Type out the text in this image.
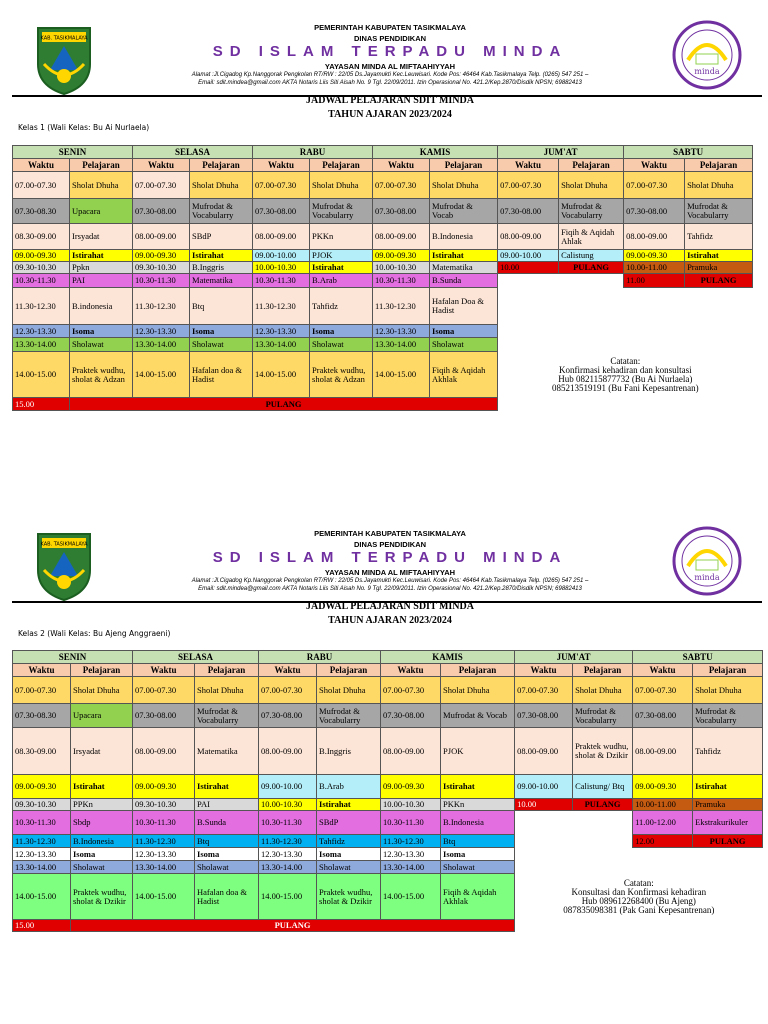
KAB. TASIKMALAYA
PEMERINTAH KABUPATEN TASIKMALAYA
DINAS PENDIDIKAN
SD ISLAM TERPADU MINDA
YAYASAN MINDA AL MIFTAAHIYYAH
Alamat :Jl.Cigadog Kp.Nanggorak Pengkolan RT/RW : 22/05 Ds.Jayamukti Kec.Leuwisari. Kode Pos: 46464 Kab.Tasikmalaya Telp. (0265) 547 251 –
Email: sdit.mindea@gmail.com AKTA Notaris Liis Siti Aisah No. 9 Tgl. 22/09/2011. Izin Operasional No. 421.2/Kep.2870/Disdik NPSN; 69882413
minda
JADWAL PELAJARAN SDIT MINDA
TAHUN AJARAN 2023/2024
Kelas 1 (Wali Kelas: Bu Ai Nurlaela)
SENIN		SELASA		RABU		KAMIS		JUM'AT		SABTU	
Waktu	Pelajaran	Waktu	Pelajaran	Waktu	Pelajaran	Waktu	Pelajaran	Waktu	Pelajaran	Waktu	Pelajaran
07.00-07.30	Sholat Dhuha	07.00-07.30	Sholat Dhuha	07.00-07.30	Sholat Dhuha	07.00-07.30	Sholat Dhuha	07.00-07.30	Sholat Dhuha	07.00-07.30	Sholat Dhuha
07.30-08.30	Upacara	07.30-08.00	Mufrodat & Vocabularry	07.30-08.00	Mufrodat & Vocabularry	07.30-08.00	Mufrodat & Vocab	07.30-08.00	Mufrodat & Vocabularry	07.30-08.00	Mufrodat & Vocabularry
08.30-09.00	Irsyadat	08.00-09.00	SBdP	08.00-09.00	PKKn	08.00-09.00	B.Indonesia	08.00-09.00	Fiqih & Aqidah Ahlak	08.00-09.00	Tahfidz
09.00-09.30	Istirahat	09.00-09.30	Istirahat	09.00-10.00	PJOK	09.00-09.30	Istirahat	09.00-10.00	Calistung	09.00-09.30	Istirahat
09.30-10.30	Ppkn	09.30-10.30	B.Inggris	10.00-10.30	Istirahat	10.00-10.30	Matematika	10.00	PULANG	10.00-11.00	Pramuka
10.30-11.30	PAI	10.30-11.30	Matematika	10.30-11.30	B.Arab	10.30-11.30	B.Sunda			11.00	PULANG
11.30-12.30	B.indonesia	11.30-12.30	Btq	11.30-12.30	Tahfidz	11.30-12.30	Hafalan Doa & Hadist				
12.30-13.30	Isoma	12.30-13.30	Isoma	12.30-13.30	Isoma	12.30-13.30	Isoma				
13.30-14.00	Sholawat	13.30-14.00	Sholawat	13.30-14.00	Sholawat	13.30-14.00	Sholawat				
14.00-15.00	Praktek wudhu, sholat & Adzan	14.00-15.00	Hafalan doa & Hadist	14.00-15.00	Praktek wudhu, sholat & Adzan	14.00-15.00	Fiqih & Aqidah Akhlak	Catatan:
Konfirmasi kehadiran dan konsultasi
Hub 082115877732 (Bu Ai Nurlaela)
085213519191 (Bu Fani Kepesantrenan)			

15.00	PULANG										
KAB. TASIKMALAYA
PEMERINTAH KABUPATEN TASIKMALAYA
DINAS PENDIDIKAN
SD ISLAM TERPADU MINDA
YAYASAN MINDA AL MIFTAAHIYYAH
Alamat :Jl.Cigadog Kp.Nanggorak Pengkolan RT/RW : 22/05 Ds.Jayamukti Kec.Leuwisari. Kode Pos: 46464 Kab.Tasikmalaya Telp. (0265) 547 251 –
Email: sdit.mindea@gmail.com AKTA Notaris Liis Siti Aisah No. 9 Tgl. 22/09/2011. Izin Operasional No. 421.2/Kep.2870/Disdik NPSN; 69882413
minda
JADWAL PELAJARAN SDIT MINDA
TAHUN AJARAN 2023/2024
Kelas 2 (Wali Kelas: Bu Ajeng Anggraeni)
SENIN		SELASA		RABU		KAMIS		JUM'AT		SABTU	
Waktu	Pelajaran	Waktu	Pelajaran	Waktu	Pelajaran	Waktu	Pelajaran	Waktu	Pelajaran	Waktu	Pelajaran
07.00-07.30	Sholat Dhuha	07.00-07.30	Sholat Dhuha	07.00-07.30	Sholat Dhuha	07.00-07.30	Sholat Dhuha	07.00-07.30	Sholat Dhuha	07.00-07.30	Sholat Dhuha
07.30-08.30	Upacara	07.30-08.00	Mufrodat & Vocabularry	07.30-08.00	Mufrodat & Vocabularry	07.30-08.00	Mufrodat & Vocab	07.30-08.00	Mufrodat & Vocabularry	07.30-08.00	Mufrodat & Vocabularry
08.30-09.00	Irsyadat	08.00-09.00	Matematika	08.00-09.00	B.Inggris	08.00-09.00	PJOK	08.00-09.00	Praktek wudhu, sholat & Dzikir	08.00-09.00	Tahfidz
09.00-09.30	Istirahat	09.00-09.30	Istirahat	09.00-10.00	B.Arab	09.00-09.30	Istirahat	09.00-10.00	Calistung/ Btq	09.00-09.30	Istirahat
09.30-10.30	PPKn	09.30-10.30	PAI	10.00-10.30	Istirahat	10.00-10.30	PKKn	10.00	PULANG	10.00-11.00	Pramuka
10.30-11.30	Sbdp	10.30-11.30	B.Sunda	10.30-11.30	SBdP	10.30-11.30	B.Indonesia			11.00-12.00	Ekstrakurikuler
11.30-12.30	B.Indonesia	11.30-12.30	Btq	11.30-12.30	Tahfidz	11.30-12.30	Btq			12.00	PULANG
12.30-13.30	Isoma	12.30-13.30	Isoma	12.30-13.30	Isoma	12.30-13.30	Isoma				
13.30-14.00	Sholawat	13.30-14.00	Sholawat	13.30-14.00	Sholawat	13.30-14.00	Sholawat				
14.00-15.00	Praktek wudhu, sholat & Dzikir	14.00-15.00	Hafalan doa & Hadist	14.00-15.00	Praktek wudhu, sholat & Dzikir	14.00-15.00	Fiqih & Aqidah Akhlak	Catatan:
Konsultasi dan Konfirmasi kehadiran
Hub 089612268400 (Bu Ajeng)
087835098381 (Pak Gani Kepesantrenan)			

15.00	PULANG										
